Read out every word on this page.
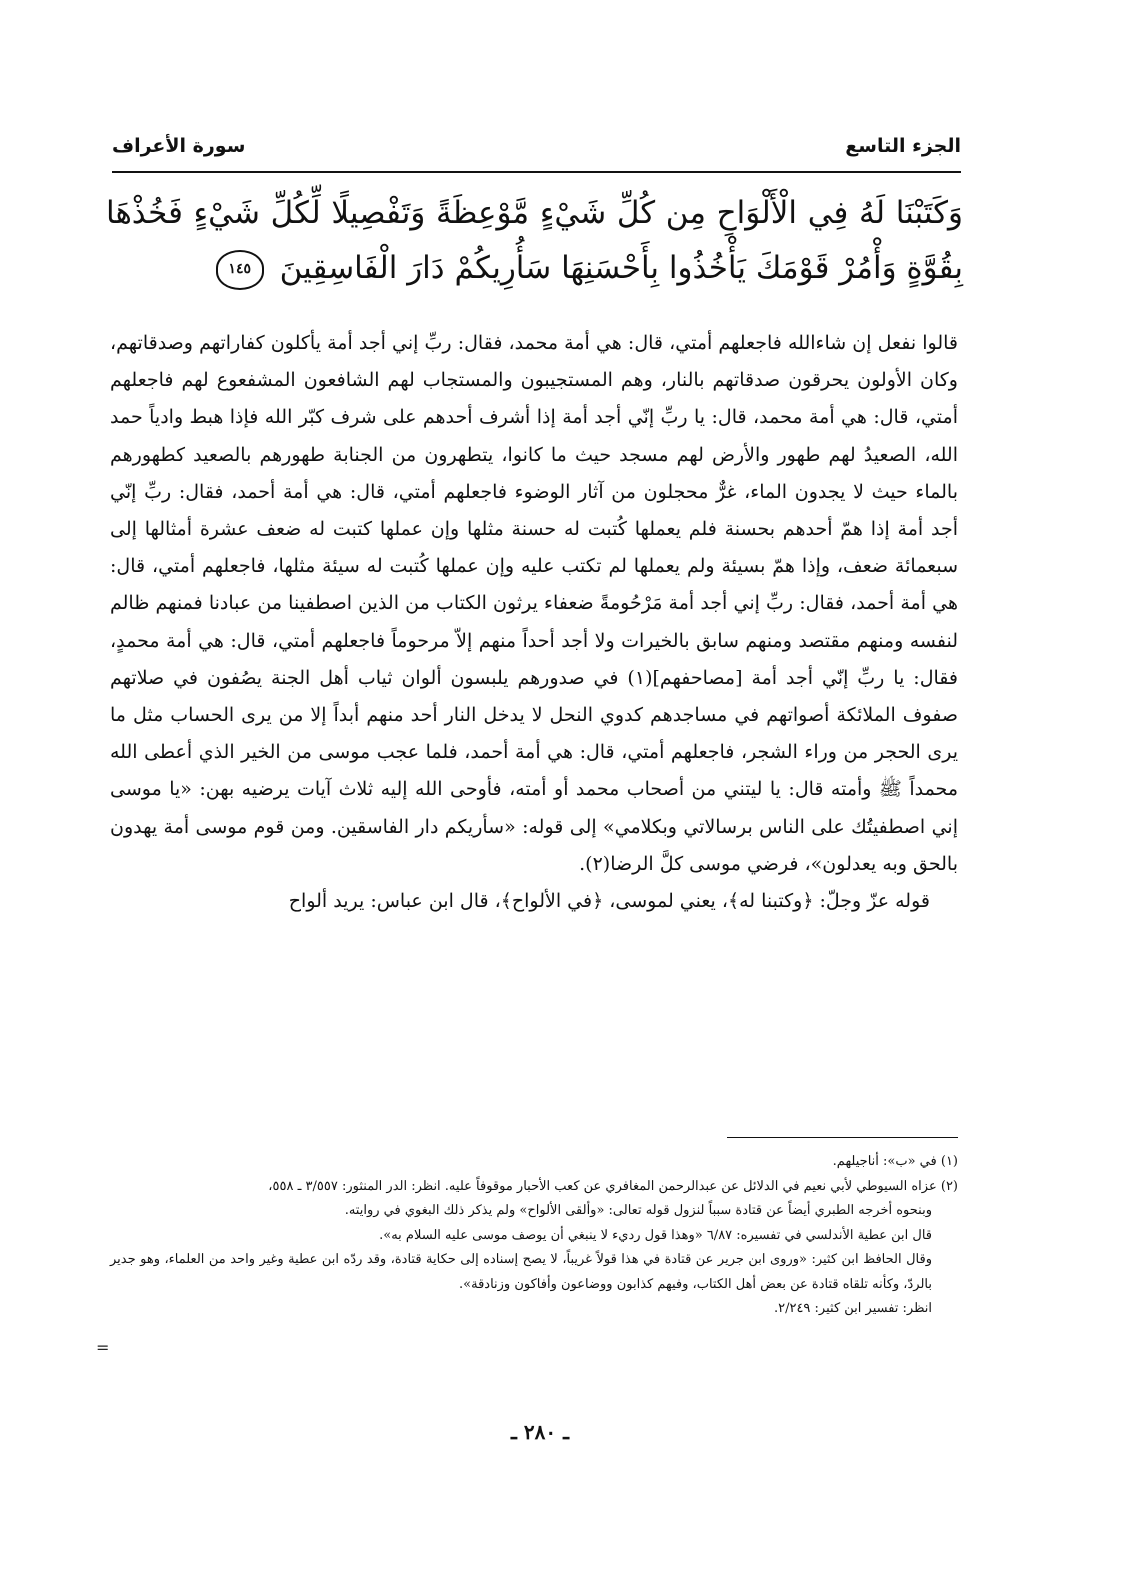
الجزء التاسع
سورة الأعراف
وَكَتَبْنَا لَهُ فِي الْأَلْوَاحِ مِن كُلِّ شَيْءٍ مَّوْعِظَةً وَتَفْصِيلًا لِّكُلِّ شَيْءٍ فَخُذْهَا بِقُوَّةٍ وَأْمُرْ قَوْمَكَ يَأْخُذُوا بِأَحْسَنِهَا سَأُرِيكُمْ دَارَ الْفَاسِقِينَ
١٤٥

قالوا نفعل إن شاءالله فاجعلهم أمتي، قال: هي أمة محمد، فقال: ربِّ إني أجد أمة يأكلون كفاراتهم وصدقاتهم، وكان الأولون يحرقون صدقاتهم بالنار، وهم المستجيبون والمستجاب لهم الشافعون المشفعوع لهم فاجعلهم أمتي، قال: هي أمة محمد، قال: يا ربِّ إنّي أجد أمة إذا أشرف أحدهم على شرف كبّر الله فإذا هبط وادياً حمد الله، الصعيدُ لهم طهور والأرض لهم مسجد حيث ما كانوا، يتطهرون من الجنابة طهورهم بالصعيد كطهورهم بالماء حيث لا يجدون الماء، غرٌّ محجلون من آثار الوضوء فاجعلهم أمتي، قال: هي أمة أحمد، فقال: ربِّ إنّي أجد أمة إذا همّ أحدهم بحسنة فلم يعملها كُتبت له حسنة مثلها وإن عملها كتبت له ضعف عشرة أمثالها إلى سبعمائة ضعف، وإذا همّ بسيئة ولم يعملها لم تكتب عليه وإن عملها كُتبت له سيئة مثلها، فاجعلهم أمتي، قال: هي أمة أحمد، فقال: ربِّ إني أجد أمة مَرْحُومةً ضعفاء يرثون الكتاب من الذين اصطفينا من عبادنا فمنهم ظالم لنفسه ومنهم مقتصد ومنهم سابق بالخيرات ولا أجد أحداً منهم إلاّ مرحوماً فاجعلهم أمتي، قال: هي أمة محمدٍ، فقال: يا ربِّ إنّي أجد أمة [مصاحفهم](١) في صدورهم يلبسون ألوان ثياب أهل الجنة يصُفون في صلاتهم صفوف الملائكة أصواتهم في مساجدهم كدوي النحل لا يدخل النار أحد منهم أبداً إلا من يرى الحساب مثل ما يرى الحجر من وراء الشجر، فاجعلهم أمتي، قال: هي أمة أحمد، فلما عجب موسى من الخير الذي أعطى الله محمداً ﷺ وأمته قال: يا ليتني من أصحاب محمد أو أمته، فأوحى الله إليه ثلاث آيات يرضيه بهن: «يا موسى إني اصطفيتُك على الناس برسالاتي وبكلامي» إلى قوله: «سأريكم دار الفاسقين. ومن قوم موسى أمة يهدون بالحق وبه يعدلون»، فرضي موسى كلَّ الرضا(٢).

قوله عزّ وجلّ: ﴿وكتبنا له﴾، يعني لموسى، ﴿في الألواح﴾، قال ابن عباس: يريد ألواح

(١) في «ب»: أناجيلهم.

(٢) عزاه السيوطي لأبي نعيم في الدلائل عن عبدالرحمن المغافري عن كعب الأحبار موقوفاً عليه. انظر: الدر المنثور: ٣/٥٥٧ ـ ٥٥٨،

وبنحوه أخرجه الطبري أيضاً عن قتادة سبباً لنزول قوله تعالى: «وألقى الألواح» ولم يذكر ذلك البغوي في روايته.

قال ابن عطية الأندلسي في تفسيره: ٦/٨٧ «وهذا قول رديء لا ينبغي أن يوصف موسى عليه السلام به».

وقال الحافظ ابن كثير: «وروى ابن جرير عن قتادة في هذا قولاً غريباً، لا يصح إسناده إلى حكاية قتادة، وقد ردّه ابن عطية وغير واحد من العلماء، وهو جدير بالردّ، وكأنه تلقاه قتادة عن بعض أهل الكتاب، وفيهم كذابون ووضاعون وأفاكون وزنادقة».

انظر: تفسير ابن كثير: ٢/٢٤٩.

ـ ٢٨٠ ـ
=
